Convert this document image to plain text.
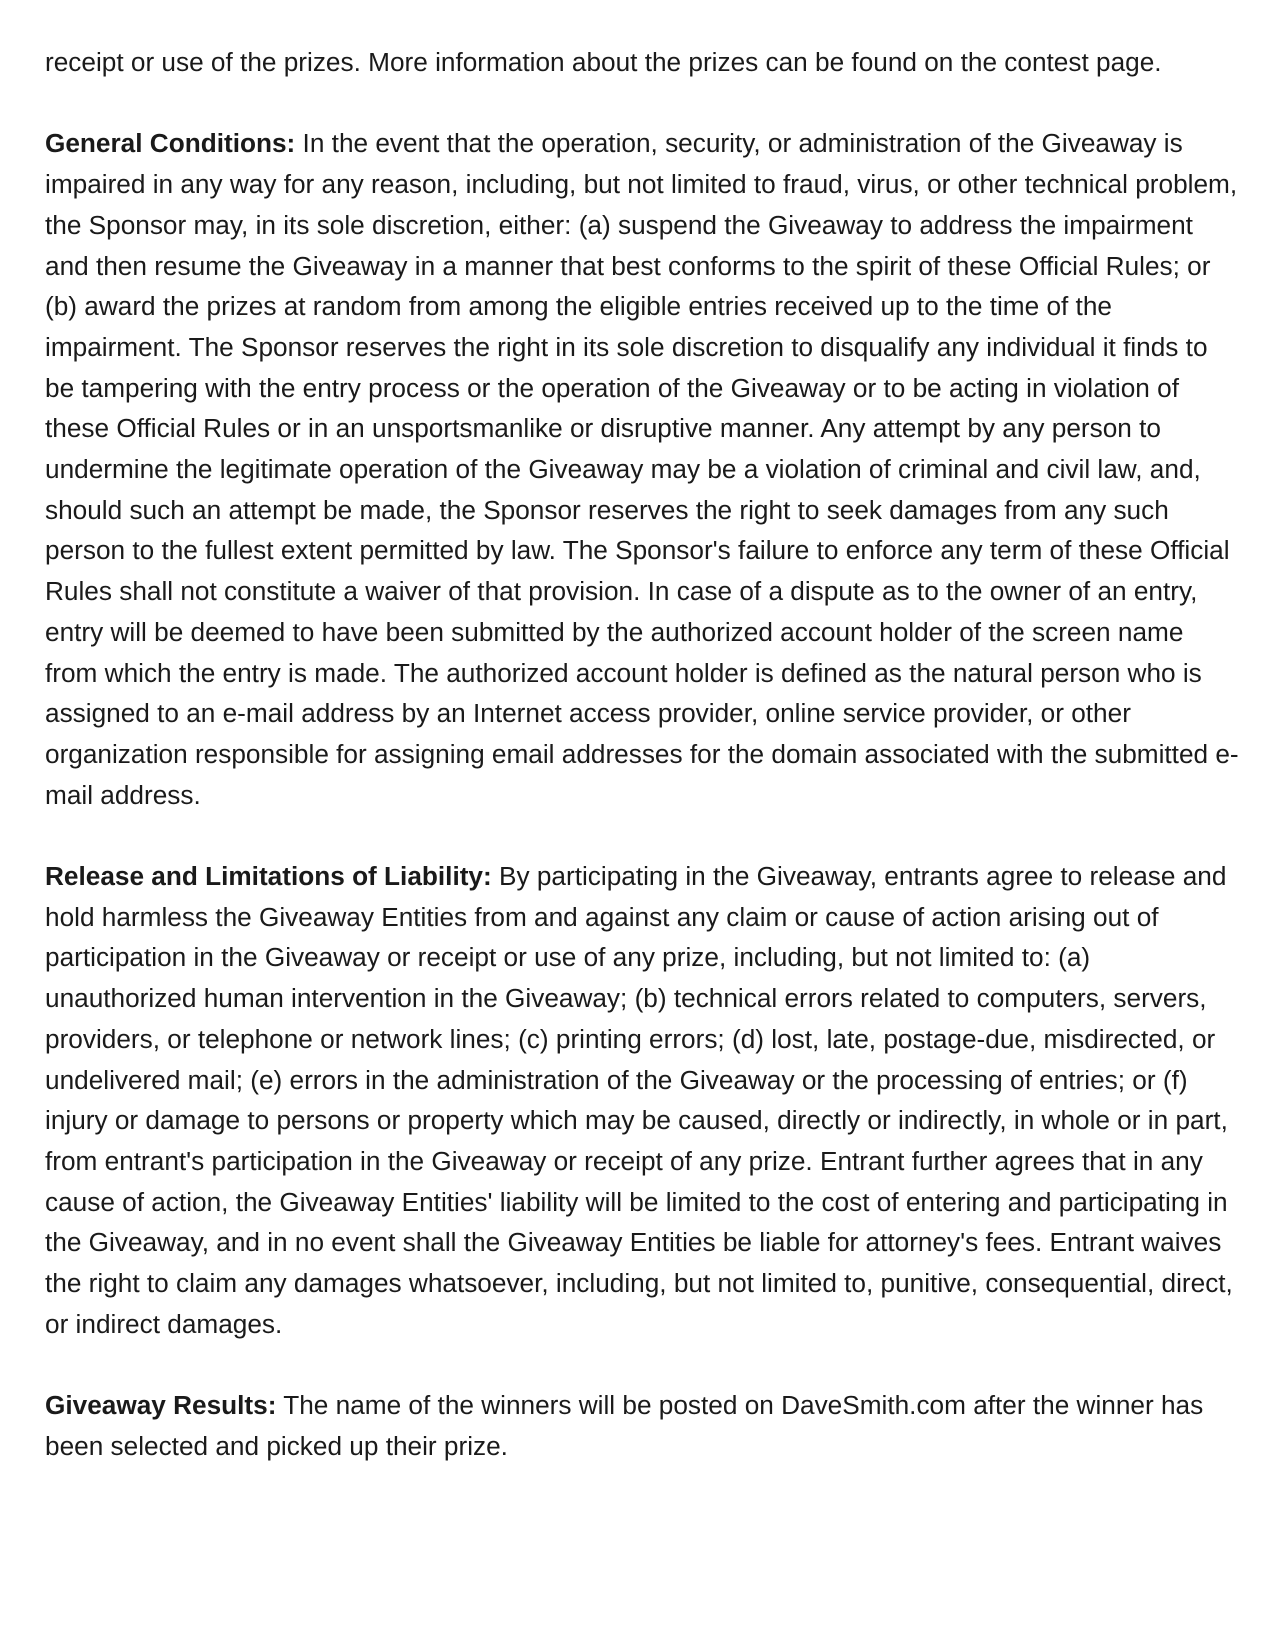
receipt or use of the prizes. More information about the prizes can be found on the contest page.

General Conditions: In the event that the operation, security, or administration of the Giveaway is impaired in any way for any reason, including, but not limited to fraud, virus, or other technical problem, the Sponsor may, in its sole discretion, either: (a) suspend the Giveaway to address the impairment and then resume the Giveaway in a manner that best conforms to the spirit of these Official Rules; or (b) award the prizes at random from among the eligible entries received up to the time of the impairment. The Sponsor reserves the right in its sole discretion to disqualify any individual it finds to be tampering with the entry process or the operation of the Giveaway or to be acting in violation of these Official Rules or in an unsportsmanlike or disruptive manner. Any attempt by any person to undermine the legitimate operation of the Giveaway may be a violation of criminal and civil law, and, should such an attempt be made, the Sponsor reserves the right to seek damages from any such person to the fullest extent permitted by law. The Sponsor's failure to enforce any term of these Official Rules shall not constitute a waiver of that provision. In case of a dispute as to the owner of an entry, entry will be deemed to have been submitted by the authorized account holder of the screen name from which the entry is made. The authorized account holder is defined as the natural person who is assigned to an e-mail address by an Internet access provider, online service provider, or other organization responsible for assigning email addresses for the domain associated with the submitted e-mail address.

Release and Limitations of Liability: By participating in the Giveaway, entrants agree to release and hold harmless the Giveaway Entities from and against any claim or cause of action arising out of participation in the Giveaway or receipt or use of any prize, including, but not limited to: (a) unauthorized human intervention in the Giveaway; (b) technical errors related to computers, servers, providers, or telephone or network lines; (c) printing errors; (d) lost, late, postage-due, misdirected, or undelivered mail; (e) errors in the administration of the Giveaway or the processing of entries; or (f) injury or damage to persons or property which may be caused, directly or indirectly, in whole or in part, from entrant's participation in the Giveaway or receipt of any prize. Entrant further agrees that in any cause of action, the Giveaway Entities' liability will be limited to the cost of entering and participating in the Giveaway, and in no event shall the Giveaway Entities be liable for attorney's fees. Entrant waives the right to claim any damages whatsoever, including, but not limited to, punitive, consequential, direct, or indirect damages.

Giveaway Results: The name of the winners will be posted on DaveSmith.com after the winner has been selected and picked up their prize.
